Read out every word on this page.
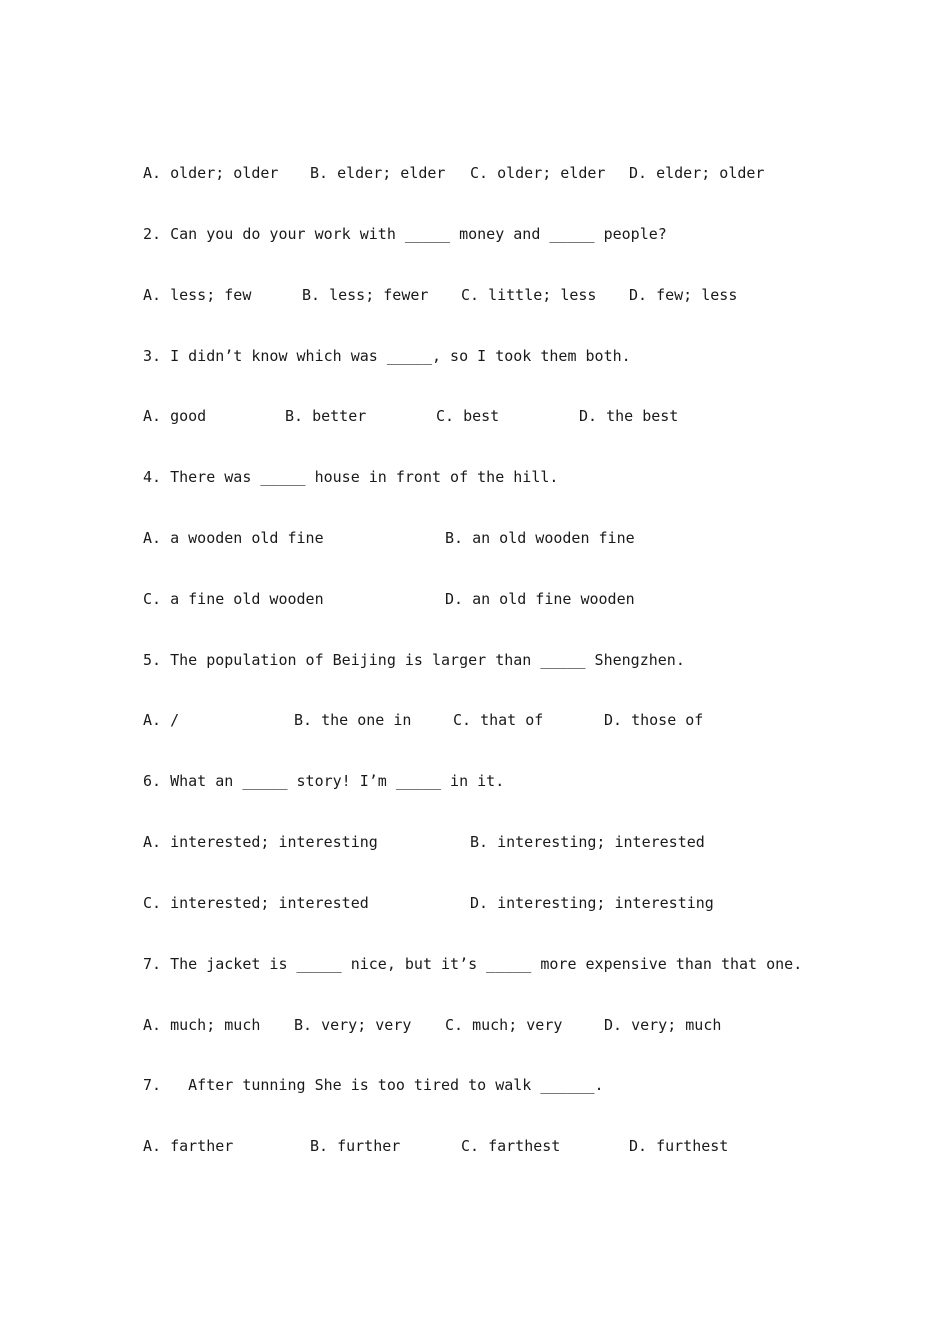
A. older; older

B. elder; elder

C. older; elder

D. elder; older

2. Can you do your work with _____ money and _____ people?

A. less; few

	B. less; fewer

C. little; less

D. few; less

3. I didn’t know which was _____, so I took them both.

A. good

	B. better

	C. best

	D. the best

4. There was _____ house in front of the hill.

A. a wooden old fine

	B. an old wooden fine

C. a fine old wooden

	D. an old fine wooden

5. The population of Beijing is larger than _____ Shengzhen.

A. /

	B. the one in

	C. that of

	D. those of

6. What an _____ story! I’m _____ in it.

A. interested; interesting

	B. interesting; interested

C. interested; interested

	D. interesting; interesting

7. The jacket is _____ nice, but it’s _____ more expensive than that one.

A. much; much

B. very; very

C. much; very

	D. very; much

7.   After tunning She is too tired to walk ______.

A. farther

	B. further

	C. farthest

	D. furthest
